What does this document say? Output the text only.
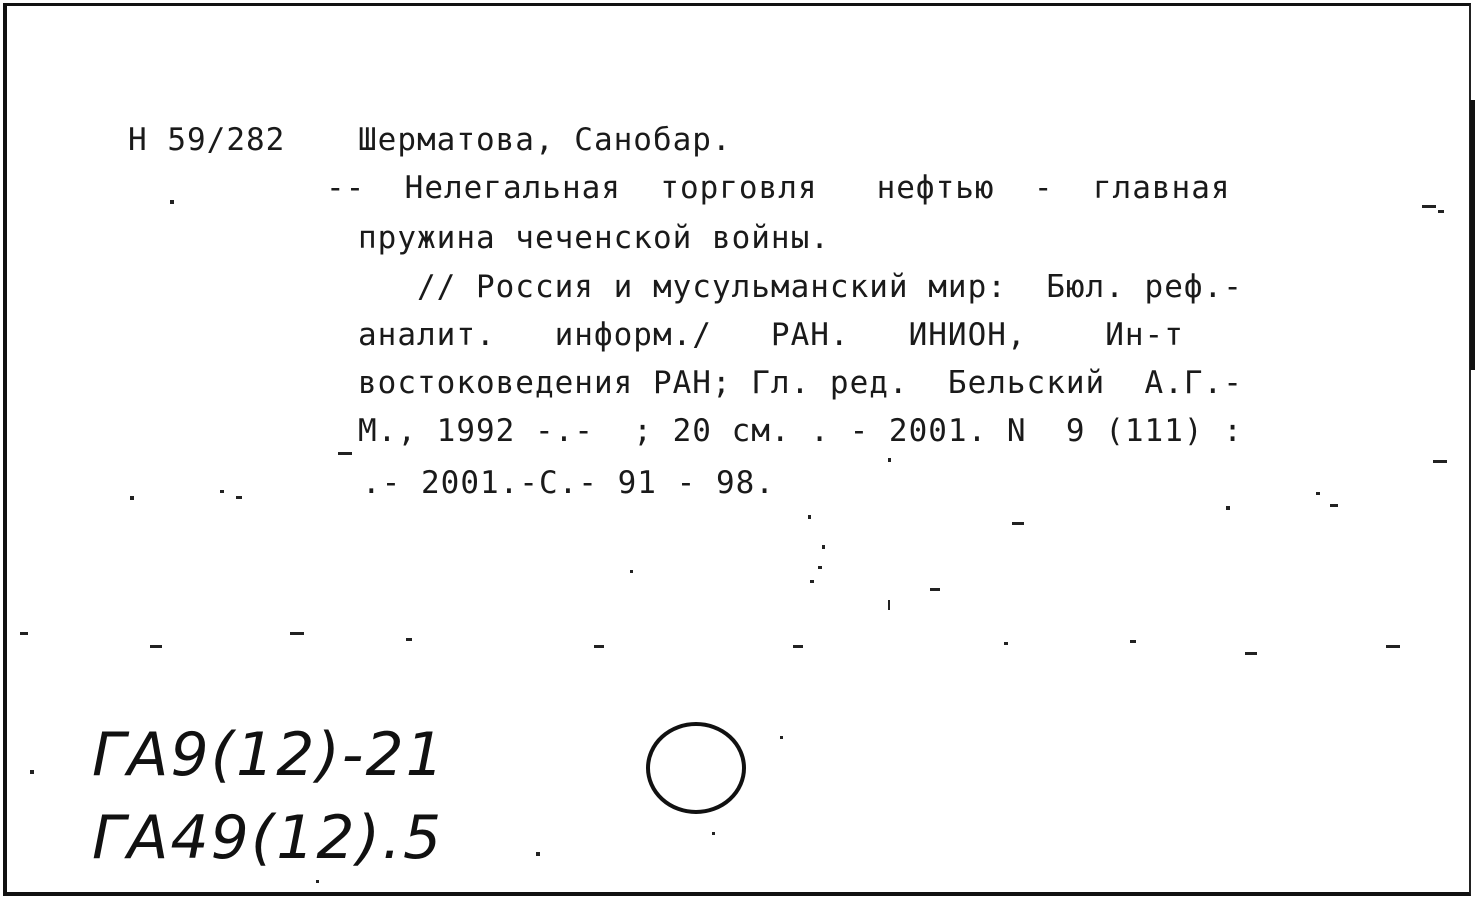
Н 59/282 Шерматова, Санобар.
--  Нелегальная  торговля   нефтью  -  главная
пружина чеченской войны.
// Россия и мусульманский мир:  Бюл. реф.-
аналит.   информ./   РАН.   ИНИОН,    Ин-т
востоковедения РАН; Гл. ред.  Бельский  А.Г.-
М., 1992 -.-  ; 20 см. . - 2001. N  9 (111) :
.- 2001.-С.- 91 - 98.
ГА9(12)-21
ГА49(12).5
